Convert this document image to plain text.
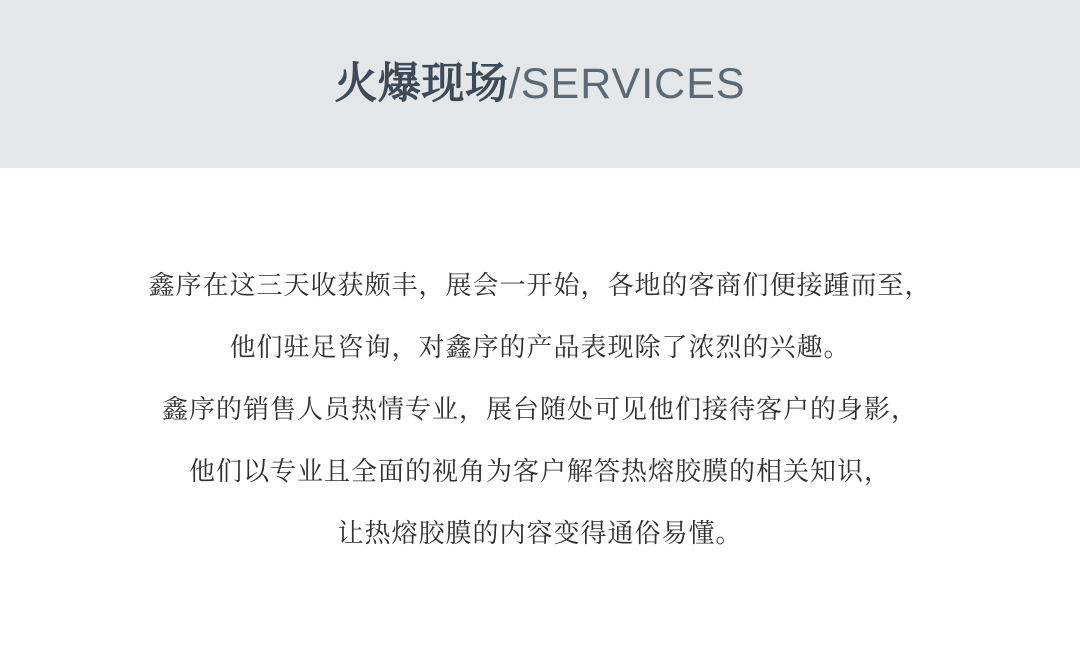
火爆现场/SERVICES
鑫序在这三天收获颇丰，展会一开始，各地的客商们便接踵而至，
他们驻足咨询，对鑫序的产品表现除了浓烈的兴趣。
鑫序的销售人员热情专业，展台随处可见他们接待客户的身影，
他们以专业且全面的视角为客户解答热熔胶膜的相关知识，
让热熔胶膜的内容变得通俗易懂。
